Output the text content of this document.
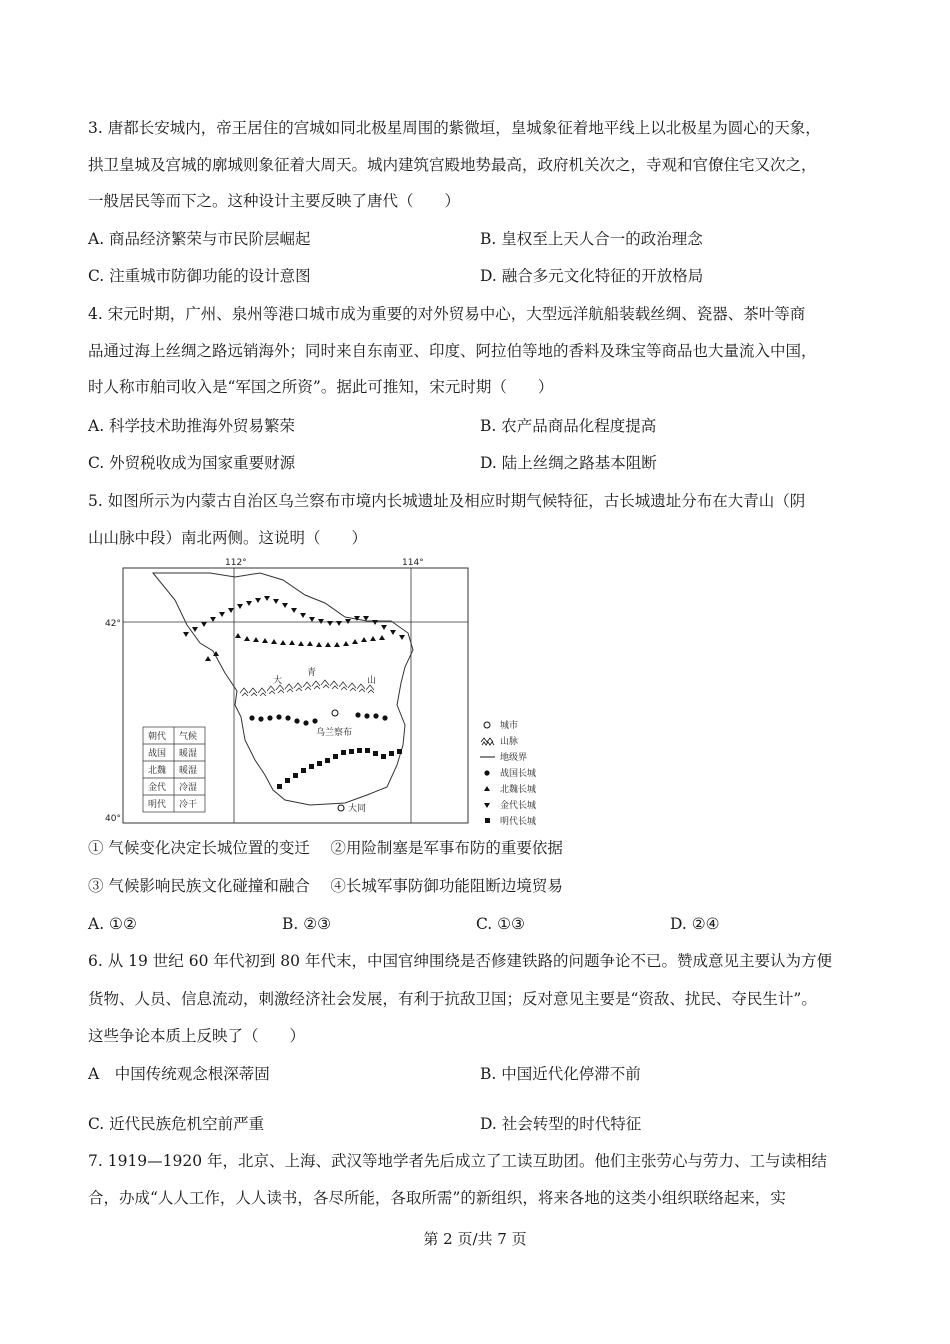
3. 唐都长安城内，帝王居住的宫城如同北极星周围的紫微垣，皇城象征着地平线上以北极星为圆心的天象，
拱卫皇城及宫城的廓城则象征着大周天。城内建筑宫殿地势最高，政府机关次之，寺观和官僚住宅又次之，
一般居民等而下之。这种设计主要反映了唐代（　　）
A. 商品经济繁荣与市民阶层崛起	B. 皇权至上天人合一的政治理念
C. 注重城市防御功能的设计意图	D. 融合多元文化特征的开放格局
4. 宋元时期，广州、泉州等港口城市成为重要的对外贸易中心，大型远洋航船装载丝绸、瓷器、茶叶等商
品通过海上丝绸之路远销海外；同时来自东南亚、印度、阿拉伯等地的香料及珠宝等商品也大量流入中国，
时人称市舶司收入是“军国之所资”。据此可推知，宋元时期（　　）
A. 科学技术助推海外贸易繁荣	B. 农产品商品化程度提高
C. 外贸税收成为国家重要财源	D. 陆上丝绸之路基本阻断
5. 如图所示为内蒙古自治区乌兰察布市境内长城遗址及相应时期气候特征，古长城遗址分布在大青山（阴
山山脉中段）南北两侧。这说明（　　）
112°	114°
42°
40°
大
青
山
乌兰察布
大同
朝代 气候
战国 暖湿
北魏 暖湿
金代 冷湿
明代 冷干
城市
山脉
地级界
战国长城
北魏长城
金代长城
明代长城
① 气候变化决定长城位置的变迁　 ②用险制塞是军事布防的重要依据
③ 气候影响民族文化碰撞和融合　 ④长城军事防御功能阻断边境贸易
A. ①②	B. ②③	C. ①③	D. ②④
6. 从 19 世纪 60 年代初到 80 年代末，中国官绅围绕是否修建铁路的问题争论不已。赞成意见主要认为方便
货物、人员、信息流动，刺激经济社会发展，有利于抗敌卫国；反对意见主要是“资敌、扰民、夺民生计”。
这些争论本质上反映了（　　）
A　中国传统观念根深蒂固	B. 中国近代化停滞不前
C. 近代民族危机空前严重	D. 社会转型的时代特征
7. 1919—1920 年，北京、上海、武汉等地学者先后成立了工读互助团。他们主张劳心与劳力、工与读相结
合，办成“人人工作，人人读书，各尽所能，各取所需”的新组织，将来各地的这类小组织联络起来，实
第 2 页/共 7 页
